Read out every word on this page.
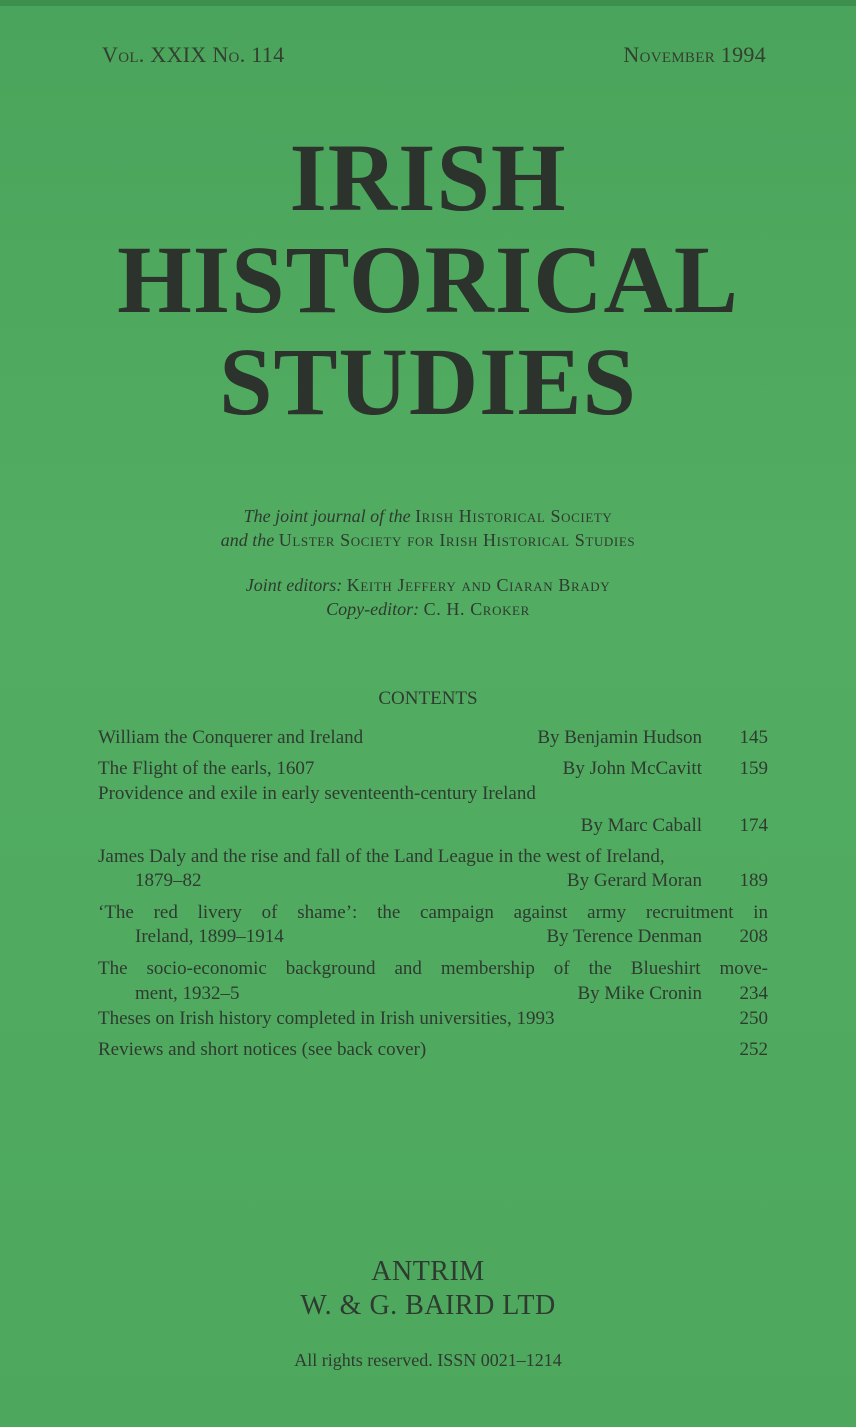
Vol. XXIX No. 114	November 1994
IRISH
HISTORICAL
STUDIES
The joint journal of the Irish Historical Society
and the Ulster Society for Irish Historical Studies
Joint editors: Keith Jeffery and Ciaran Brady
Copy-editor: C. H. Croker
CONTENTS
William the Conquerer and Ireland	By Benjamin Hudson 145
The Flight of the earls, 1607	By John McCavitt 159
Providence and exile in early seventeenth-century Ireland
By Marc Caball 174
James Daly and the rise and fall of the Land League in the west of Ireland,
1879–82	By Gerard Moran 189
‘The red livery of shame’: the campaign against army recruitment in
Ireland, 1899–1914	By Terence Denman 208
The socio-economic background and membership of the Blueshirt move-
ment, 1932–5	By Mike Cronin 234
Theses on Irish history completed in Irish universities, 1993	250
Reviews and short notices (see back cover)	252
ANTRIM
W. & G. BAIRD LTD
All rights reserved. ISSN 0021–1214
